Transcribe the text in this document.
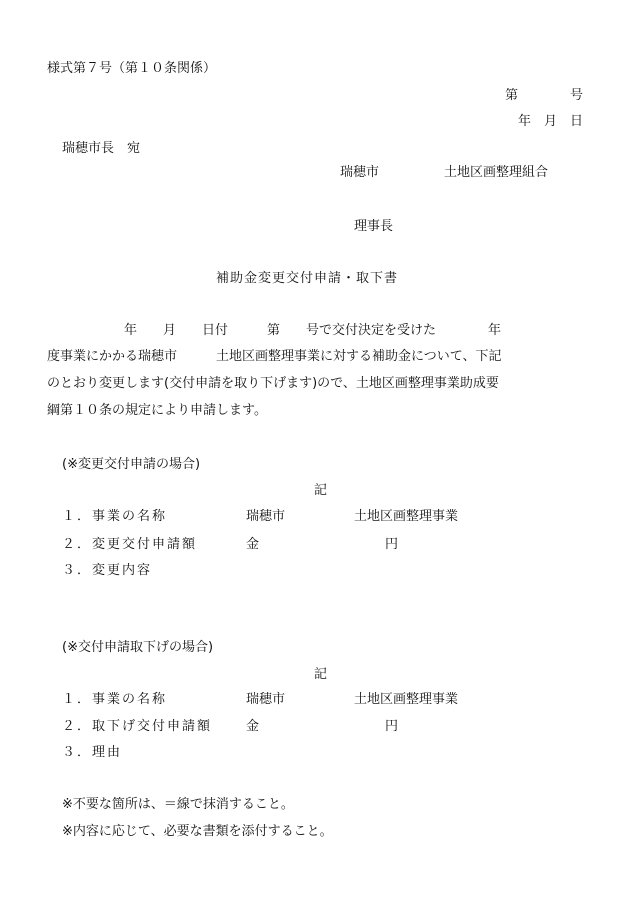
様式第７号（第１０条関係）
第　　　　号
年　月　日
瑞穂市長　宛
瑞穂市　　　　　土地区画整理組合
理事長
補助金変更交付申請・取下書
年　　月　　日付　　　第　　号で交付決定を受けた　　　　年
度事業にかかる瑞穂市　　　土地区画整理事業に対する補助金について、下記
のとおり変更します(交付申請を取り下げます)ので、土地区画整理事業助成要
綱第１０条の規定により申請します。
(※変更交付申請の場合)
記
１．事業の名称	瑞穂市	土地区画整理事業
２．変更交付申請額	金	円
３．変更内容
(※交付申請取下げの場合)
記
１．事業の名称	瑞穂市	土地区画整理事業
２．取下げ交付申請額	金	円
３．理由
※不要な箇所は、＝線で抹消すること。
※内容に応じて、必要な書類を添付すること。
